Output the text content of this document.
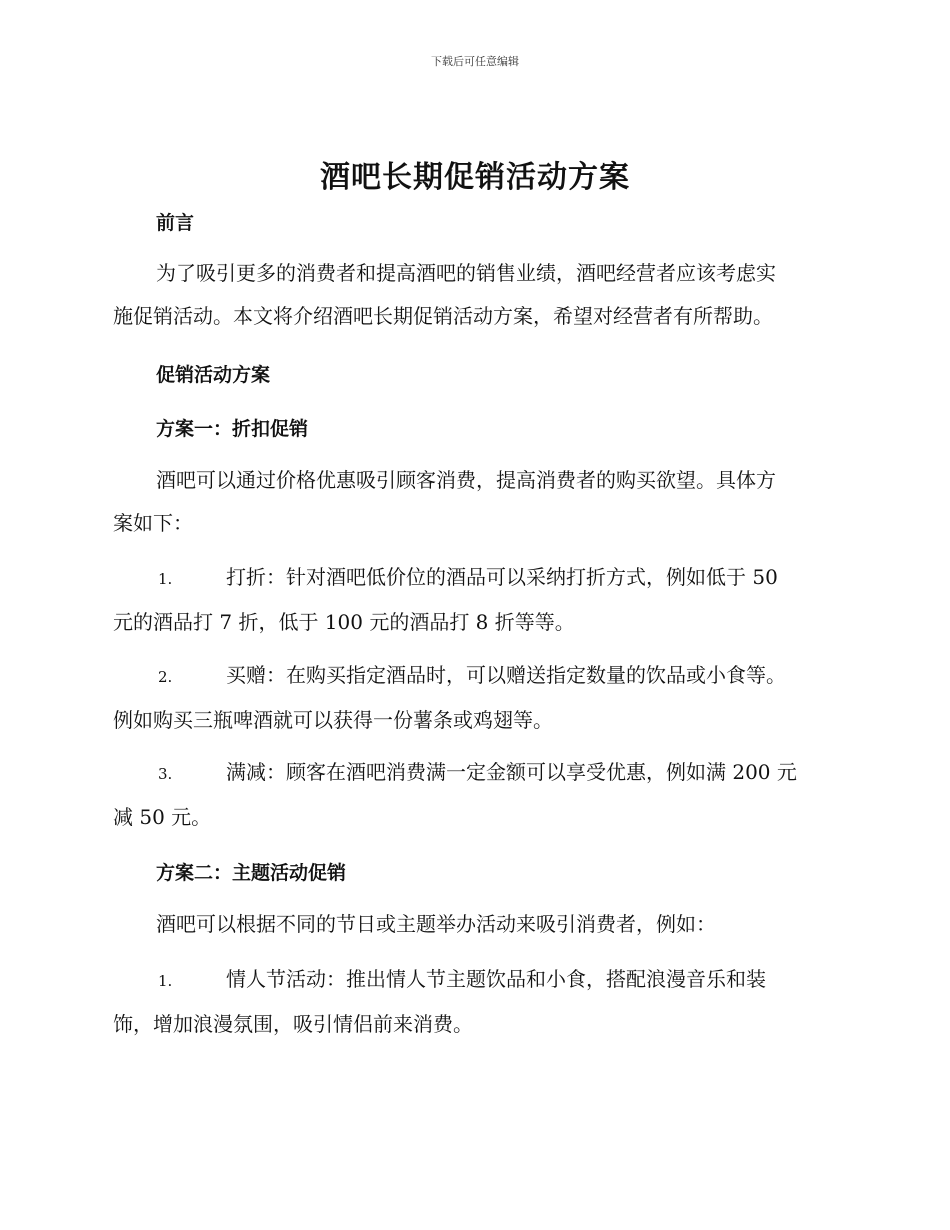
下载后可任意编辑
酒吧长期促销活动方案
前言
为了吸引更多的消费者和提高酒吧的销售业绩，酒吧经营者应该考虑实
施促销活动。本文将介绍酒吧长期促销活动方案，希望对经营者有所帮助。
促销活动方案
方案一：折扣促销
酒吧可以通过价格优惠吸引顾客消费，提高消费者的购买欲望。具体方
案如下：
1.	打折：针对酒吧低价位的酒品可以采纳打折方式，例如低于 50
元的酒品打 7 折，低于 100 元的酒品打 8 折等等。
2.	买赠：在购买指定酒品时，可以赠送指定数量的饮品或小食等。
例如购买三瓶啤酒就可以获得一份薯条或鸡翅等。
3.	满减：顾客在酒吧消费满一定金额可以享受优惠，例如满 200 元
减 50 元。
方案二：主题活动促销
酒吧可以根据不同的节日或主题举办活动来吸引消费者，例如：
1.	情人节活动：推出情人节主题饮品和小食，搭配浪漫音乐和装
饰，增加浪漫氛围，吸引情侣前来消费。
